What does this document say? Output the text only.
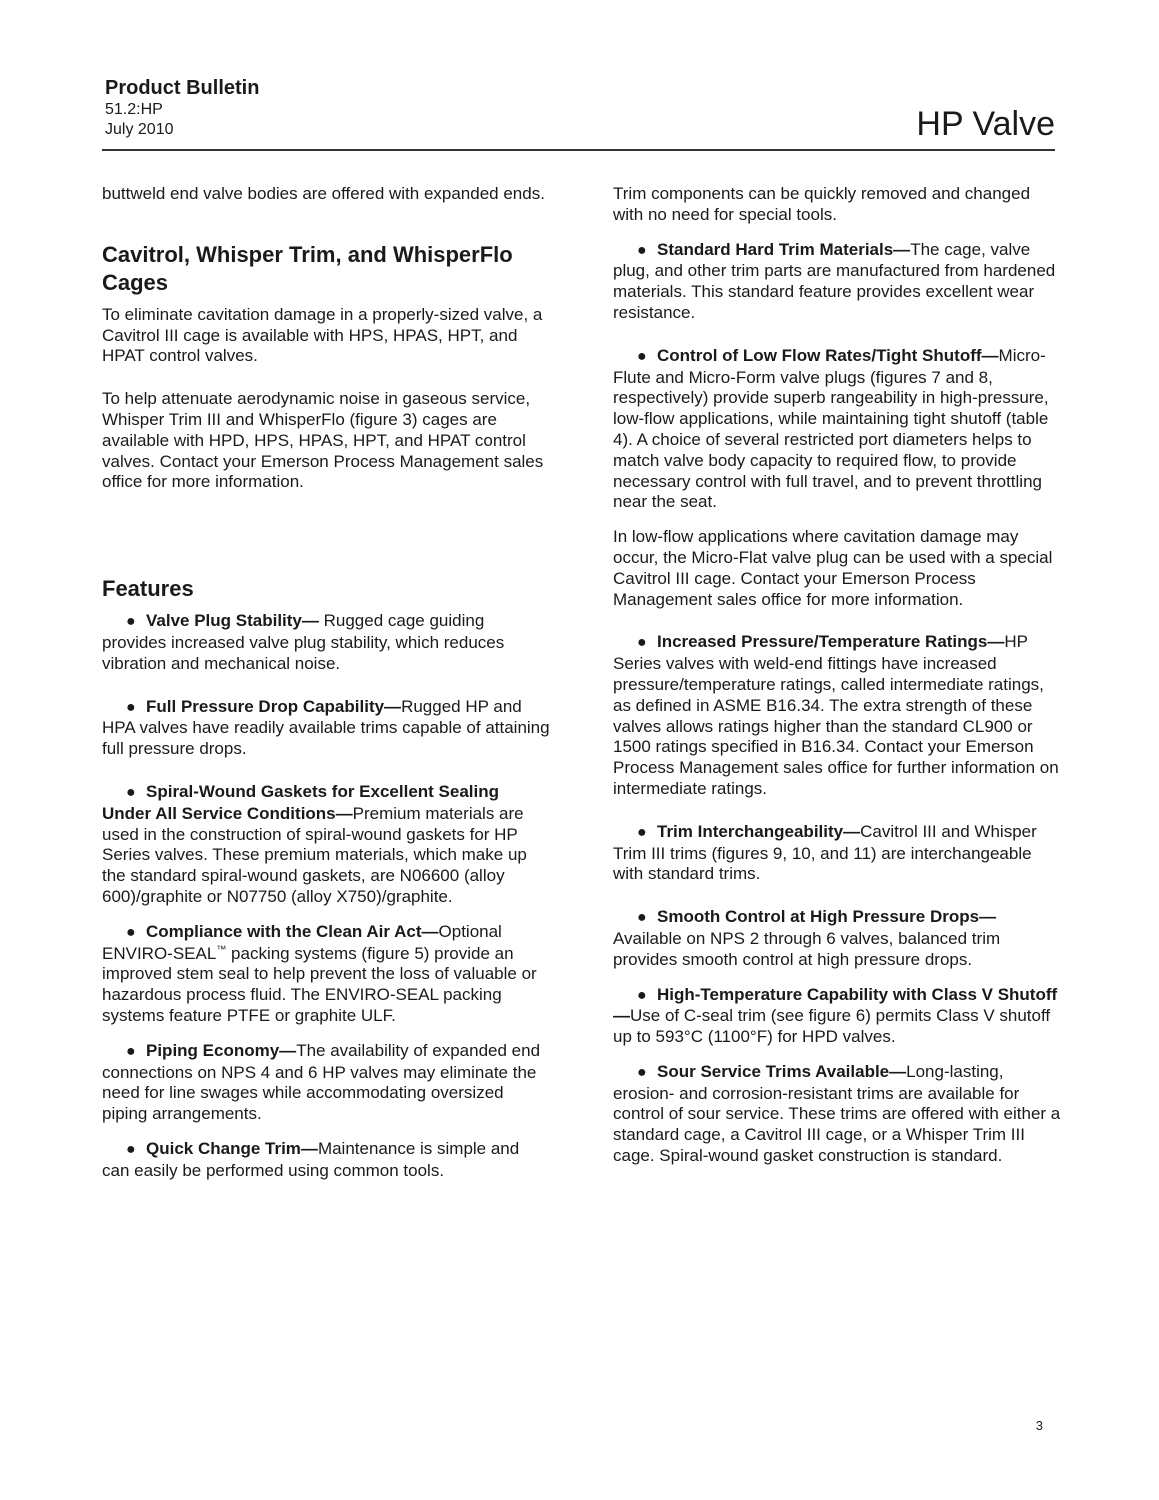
Product Bulletin
51.2:HP
July 2010	HP Valve

buttweld end valve bodies are offered with expanded ends.

Cavitrol, Whisper Trim, and WhisperFlo Cages

To eliminate cavitation damage in a properly-sized valve, a Cavitrol III cage is available with HPS, HPAS, HPT, and HPAT control valves.

To help attenuate aerodynamic noise in gaseous service, Whisper Trim III and WhisperFlo (figure 3) cages are available with HPD, HPS, HPAS, HPT, and HPAT control valves. Contact your Emerson Process Management sales office for more information.

Features

● Valve Plug Stability— Rugged cage guiding provides increased valve plug stability, which reduces vibration and mechanical noise.

● Full Pressure Drop Capability—Rugged HP and HPA valves have readily available trims capable of attaining full pressure drops.

● Spiral-Wound Gaskets for Excellent Sealing Under All Service Conditions—Premium materials are used in the construction of spiral-wound gaskets for HP Series valves. These premium materials, which make up the standard spiral-wound gaskets, are N06600 (alloy 600)/graphite or N07750 (alloy X750)/graphite.

● Compliance with the Clean Air Act—Optional ENVIRO-SEAL™ packing systems (figure 5) provide an improved stem seal to help prevent the loss of valuable or hazardous process fluid. The ENVIRO-SEAL packing systems feature PTFE or graphite ULF.

● Piping Economy—The availability of expanded end connections on NPS 4 and 6 HP valves may eliminate the need for line swages while accommodating oversized piping arrangements.

● Quick Change Trim—Maintenance is simple and can easily be performed using common tools.

Trim components can be quickly removed and changed with no need for special tools.

● Standard Hard Trim Materials—The cage, valve plug, and other trim parts are manufactured from hardened materials. This standard feature provides excellent wear resistance.

● Control of Low Flow Rates/Tight Shutoff—Micro-Flute and Micro-Form valve plugs (figures 7 and 8, respectively) provide superb rangeability in high-pressure, low-flow applications, while maintaining tight shutoff (table 4). A choice of several restricted port diameters helps to match valve body capacity to required flow, to provide necessary control with full travel, and to prevent throttling near the seat.

In low-flow applications where cavitation damage may occur, the Micro-Flat valve plug can be used with a special Cavitrol III cage. Contact your Emerson Process Management sales office for more information.

● Increased Pressure/Temperature Ratings—HP Series valves with weld-end fittings have increased pressure/temperature ratings, called intermediate ratings, as defined in ASME B16.34. The extra strength of these valves allows ratings higher than the standard CL900 or 1500 ratings specified in B16.34. Contact your Emerson Process Management sales office for further information on intermediate ratings.

● Trim Interchangeability—Cavitrol III and Whisper Trim III trims (figures 9, 10, and 11) are interchangeable with standard trims.

● Smooth Control at High Pressure Drops—Available on NPS 2 through 6 valves, balanced trim provides smooth control at high pressure drops.

● High-Temperature Capability with Class V Shutoff—Use of C-seal trim (see figure 6) permits Class V shutoff up to 593°C (1100°F) for HPD valves.

● Sour Service Trims Available—Long-lasting, erosion- and corrosion-resistant trims are available for control of sour service. These trims are offered with either a standard cage, a Cavitrol III cage, or a Whisper Trim III cage. Spiral-wound gasket construction is standard.

3
